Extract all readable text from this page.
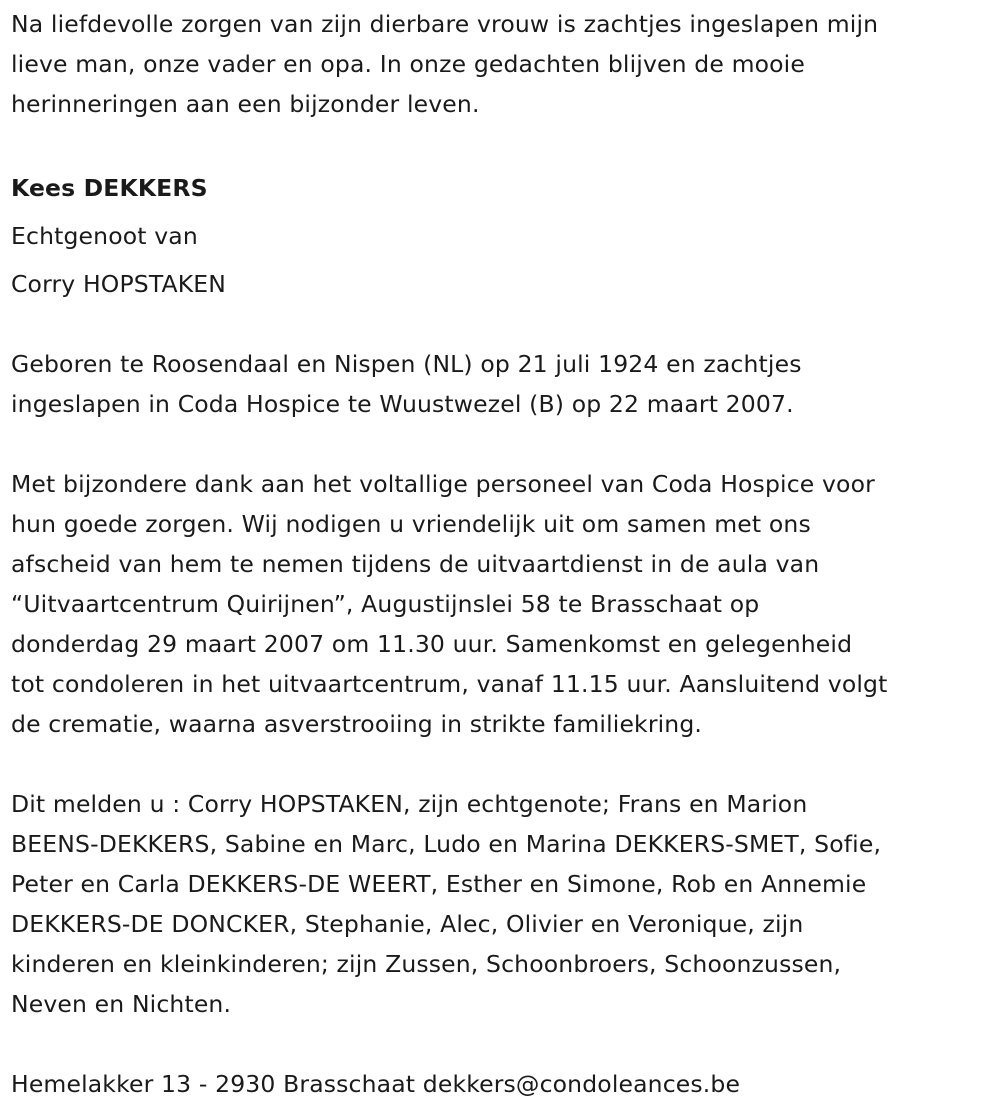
Na liefdevolle zorgen van zijn dierbare vrouw is zachtjes ingeslapen mijn

lieve man, onze vader en opa. In onze gedachten blijven de mooie

herinneringen aan een bijzonder leven.

Kees DEKKERS

Echtgenoot van

Corry HOPSTAKEN

Geboren te Roosendaal en Nispen (NL) op 21 juli 1924 en zachtjes

ingeslapen in Coda Hospice te Wuustwezel (B) op 22 maart 2007.

Met bijzondere dank aan het voltallige personeel van Coda Hospice voor

hun goede zorgen. Wij nodigen u vriendelijk uit om samen met ons

afscheid van hem te nemen tijdens de uitvaartdienst in de aula van

“Uitvaartcentrum Quirijnen”, Augustijnslei 58 te Brasschaat op

donderdag 29 maart 2007 om 11.30 uur. Samenkomst en gelegenheid

tot condoleren in het uitvaartcentrum, vanaf 11.15 uur. Aansluitend volgt

de crematie, waarna asverstrooiing in strikte familiekring.

Dit melden u : Corry HOPSTAKEN, zijn echtgenote; Frans en Marion

BEENS-DEKKERS, Sabine en Marc, Ludo en Marina DEKKERS-SMET, Sofie,

Peter en Carla DEKKERS-DE WEERT, Esther en Simone, Rob en Annemie

DEKKERS-DE DONCKER, Stephanie, Alec, Olivier en Veronique, zijn

kinderen en kleinkinderen; zijn Zussen, Schoonbroers, Schoonzussen,

Neven en Nichten.

Hemelakker 13 - 2930 Brasschaat dekkers@condoleances.be
